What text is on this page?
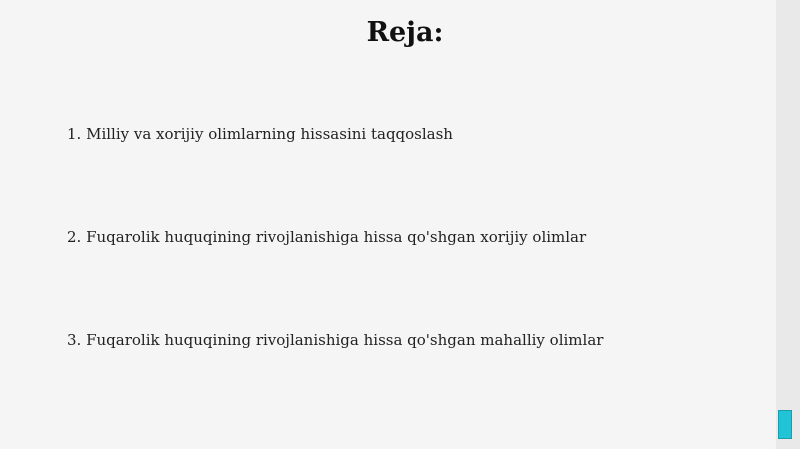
Reja:

1. Milliy va xorijiy olimlarning hissasini taqqoslash

2. Fuqarolik huquqining rivojlanishiga hissa qo'shgan xorijiy olimlar

3. Fuqarolik huquqining rivojlanishiga hissa qo'shgan mahalliy olimlar
